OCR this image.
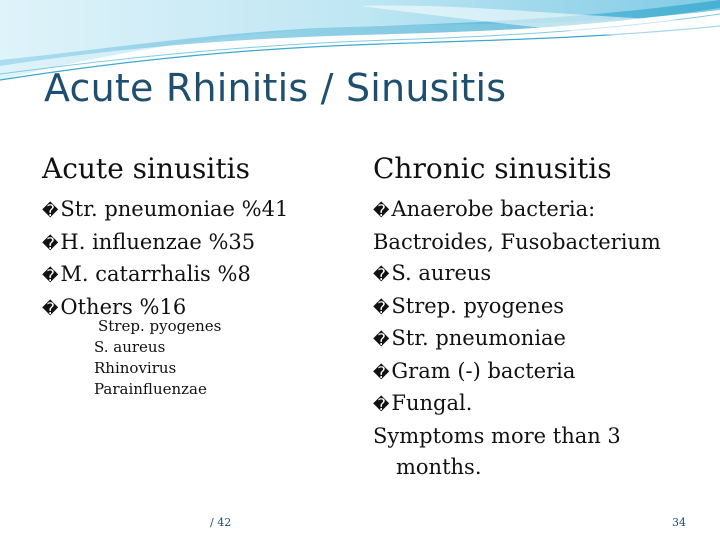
Acute Rhinitis / Sinusitis
Acute sinusitis	Chronic sinusitis
�Str. pneumoniae %41
�H. influenzae %35
�M. catarrhalis %8
�Others %16
Strep. pyogenes
S. aureus
Rhinovirus
Parainfluenzae
�Anaerobe bacteria:
Bactroides, Fusobacterium
�S. aureus
�Strep. pyogenes
�Str. pneumoniae
�Gram (-) bacteria
�Fungal.
Symptoms more than 3
months.
/ 42	34
